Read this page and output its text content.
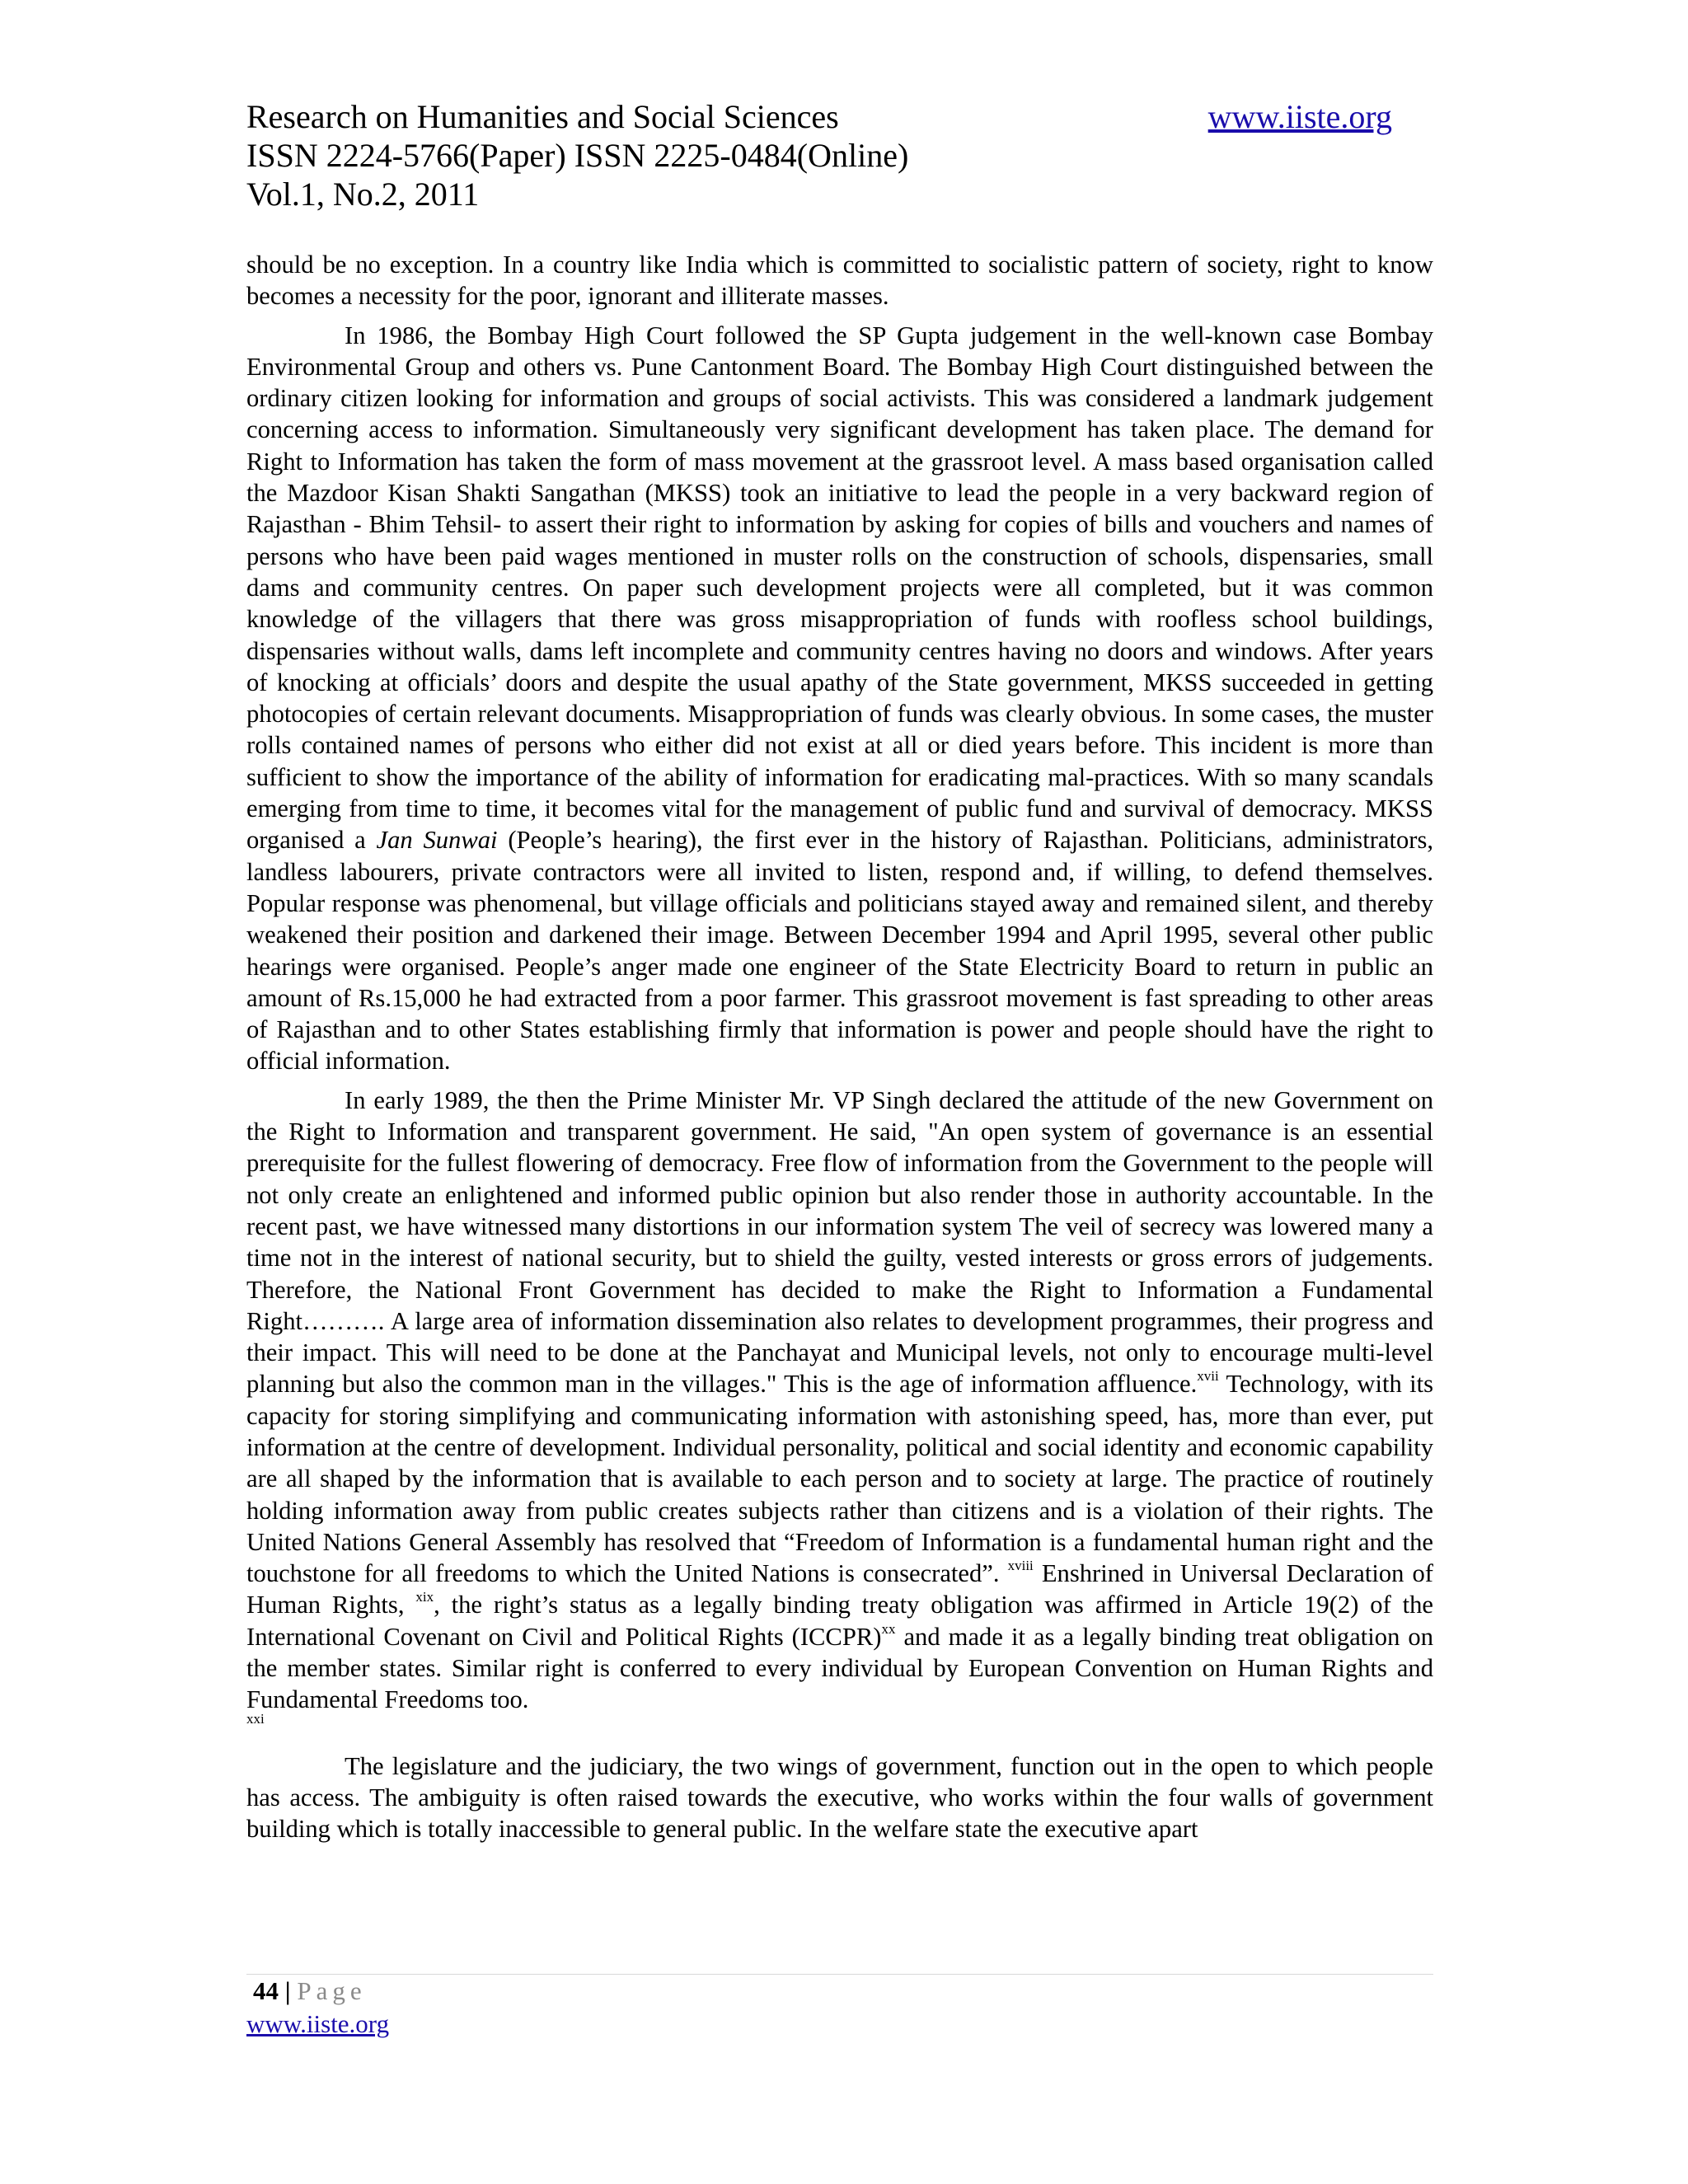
Research on Humanities and Social Sciences	www.iiste.org
ISSN 2224-5766(Paper) ISSN 2225-0484(Online)
Vol.1, No.2, 2011

should be no exception. In a country like India which is committed to socialistic pattern of society, right to know becomes a necessity for the poor, ignorant and illiterate masses.

In 1986, the Bombay High Court followed the SP Gupta judgement in the well-known case Bombay Environmental Group and others vs. Pune Cantonment Board. The Bombay High Court distinguished between the ordinary citizen looking for information and groups of social activists. This was considered a landmark judgement concerning access to information. Simultaneously very significant development has taken place. The demand for Right to Information has taken the form of mass movement at the grassroot level. A mass based organisation called the Mazdoor Kisan Shakti Sangathan (MKSS) took an initiative to lead the people in a very backward region of Rajasthan - Bhim Tehsil- to assert their right to information by asking for copies of bills and vouchers and names of persons who have been paid wages mentioned in muster rolls on the construction of schools, dispensaries, small dams and community centres. On paper such development projects were all completed, but it was common knowledge of the villagers that there was gross misappropriation of funds with roofless school buildings, dispensaries without walls, dams left incomplete and community centres having no doors and windows. After years of knocking at officials’ doors and despite the usual apathy of the State government, MKSS succeeded in getting photocopies of certain relevant documents. Misappropriation of funds was clearly obvious. In some cases, the muster rolls contained names of persons who either did not exist at all or died years before. This incident is more than sufficient to show the importance of the ability of information for eradicating mal-practices. With so many scandals emerging from time to time, it becomes vital for the management of public fund and survival of democracy. MKSS organised a Jan Sunwai (People’s hearing), the first ever in the history of Rajasthan. Politicians, administrators, landless labourers, private contractors were all invited to listen, respond and, if willing, to defend themselves. Popular response was phenomenal, but village officials and politicians stayed away and remained silent, and thereby weakened their position and darkened their image. Between December 1994 and April 1995, several other public hearings were organised. People’s anger made one engineer of the State Electricity Board to return in public an amount of Rs.15,000 he had extracted from a poor farmer. This grassroot movement is fast spreading to other areas of Rajasthan and to other States establishing firmly that information is power and people should have the right to official information.

In early 1989, the then the Prime Minister Mr. VP Singh declared the attitude of the new Government on the Right to Information and transparent government. He said, "An open system of governance is an essential prerequisite for the fullest flowering of democracy. Free flow of information from the Government to the people will not only create an enlightened and informed public opinion but also render those in authority accountable. In the recent past, we have witnessed many distortions in our information system The veil of secrecy was lowered many a time not in the interest of national security, but to shield the guilty, vested interests or gross errors of judgements. Therefore, the National Front Government has decided to make the Right to Information a Fundamental Right………. A large area of information dissemination also relates to development programmes, their progress and their impact. This will need to be done at the Panchayat and Municipal levels, not only to encourage multi-level planning but also the common man in the villages." This is the age of information affluence.$^{xvii}$ Technology, with its capacity for storing simplifying and communicating information with astonishing speed, has, more than ever, put information at the centre of development. Individual personality, political and social identity and economic capability are all shaped by the information that is available to each person and to society at large. The practice of routinely holding information away from public creates subjects rather than citizens and is a violation of their rights. The United Nations General Assembly has resolved that “Freedom of Information is a fundamental human right and the touchstone for all freedoms to which the United Nations is consecrated”. $^{xviii}$ Enshrined in Universal Declaration of Human Rights, $^{xix}$, the right’s status as a legally binding treaty obligation was affirmed in Article 19(2) of the International Covenant on Civil and Political Rights (ICCPR)$^{xx}$ and made it as a legally binding treat obligation on the member states. Similar right is conferred to every individual by European Convention on Human Rights and Fundamental Freedoms too.

xxi

The legislature and the judiciary, the two wings of government, function out in the open to which people has access. The ambiguity is often raised towards the executive, who works within the four walls of government building which is totally inaccessible to general public. In the welfare state the executive apart

44 | Page
www.iiste.org
